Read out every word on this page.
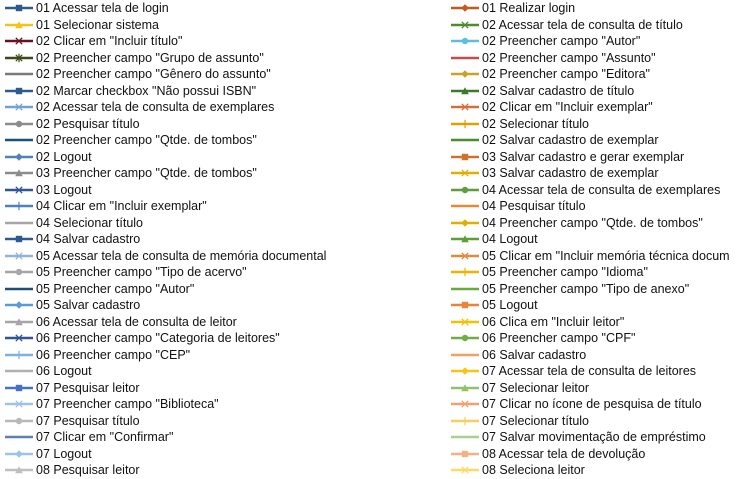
01 Acessar tela de login
01 Selecionar sistema
02 Clicar em "Incluir título"
02 Preencher campo "Grupo de assunto"
02 Preencher campo "Gênero do assunto"
02 Marcar checkbox "Não possui ISBN"
02 Acessar tela de consulta de exemplares
02 Pesquisar título
02 Preencher campo "Qtde. de tombos"
02 Logout
03 Preencher campo "Qtde. de tombos"
03 Logout
04 Clicar em "Incluir exemplar"
04 Selecionar título
04 Salvar cadastro
05 Acessar tela de consulta de memória documental
05 Preencher campo "Tipo de acervo"
05 Preencher campo "Autor"
05 Salvar cadastro
06 Acessar tela de consulta de leitor
06 Preencher campo "Categoria de leitores"
06 Preencher campo "CEP"
06 Logout
07 Pesquisar leitor
07 Preencher campo "Biblioteca"
07 Pesquisar título
07 Clicar em "Confirmar"
07 Logout
08 Pesquisar leitor
01 Realizar login
02 Acessar tela de consulta de título
02 Preencher campo "Autor"
02 Preencher campo "Assunto"
02 Preencher campo "Editora"
02 Salvar cadastro de título
02 Clicar em "Incluir exemplar"
02 Selecionar título
02 Salvar cadastro de exemplar
03 Salvar cadastro e gerar exemplar
03 Salvar cadastro de exemplar
04 Acessar tela de consulta de exemplares
04 Pesquisar título
04 Preencher campo "Qtde. de tombos"
04 Logout
05 Clicar em "Incluir memória técnica docum
05 Preencher campo "Idioma"
05 Preencher campo "Tipo de anexo"
05 Logout
06 Clica em "Incluir leitor"
06 Preencher campo "CPF"
06 Salvar cadastro
07 Acessar tela de consulta de leitores
07 Selecionar leitor
07 Clicar no ícone de pesquisa de título
07 Selecionar título
07 Salvar movimentação de empréstimo
08 Acessar tela de devolução
08 Seleciona leitor
